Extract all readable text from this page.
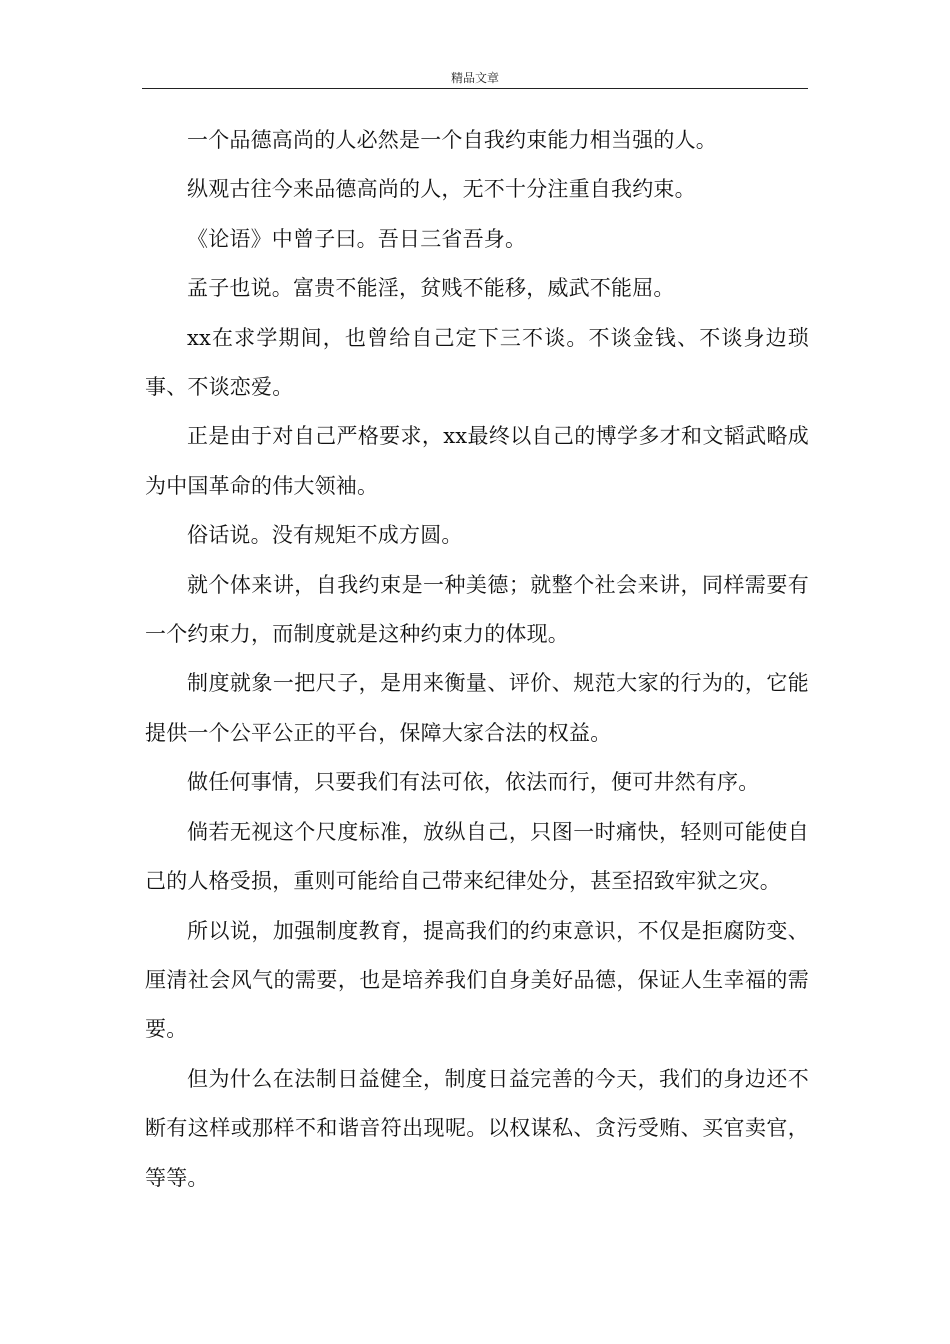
精品文章

一个品德高尚的人必然是一个自我约束能力相当强的人。

纵观古往今来品德高尚的人，无不十分注重自我约束。

《论语》中曾子曰。吾日三省吾身。

孟子也说。富贵不能淫，贫贱不能移，威武不能屈。

xx在求学期间，也曾给自己定下三不谈。不谈金钱、不谈身边琐事、不谈恋爱。

正是由于对自己严格要求，xx最终以自己的博学多才和文韬武略成为中国革命的伟大领袖。

俗话说。没有规矩不成方圆。

就个体来讲，自我约束是一种美德；就整个社会来讲，同样需要有一个约束力，而制度就是这种约束力的体现。

制度就象一把尺子，是用来衡量、评价、规范大家的行为的，它能提供一个公平公正的平台，保障大家合法的权益。

做任何事情，只要我们有法可依，依法而行，便可井然有序。

倘若无视这个尺度标准，放纵自己，只图一时痛快，轻则可能使自己的人格受损，重则可能给自己带来纪律处分，甚至招致牢狱之灾。

所以说，加强制度教育，提高我们的约束意识，不仅是拒腐防变、厘清社会风气的需要，也是培养我们自身美好品德，保证人生幸福的需要。

但为什么在法制日益健全，制度日益完善的今天，我们的身边还不断有这样或那样不和谐音符出现呢。以权谋私、贪污受贿、买官卖官，等等。
